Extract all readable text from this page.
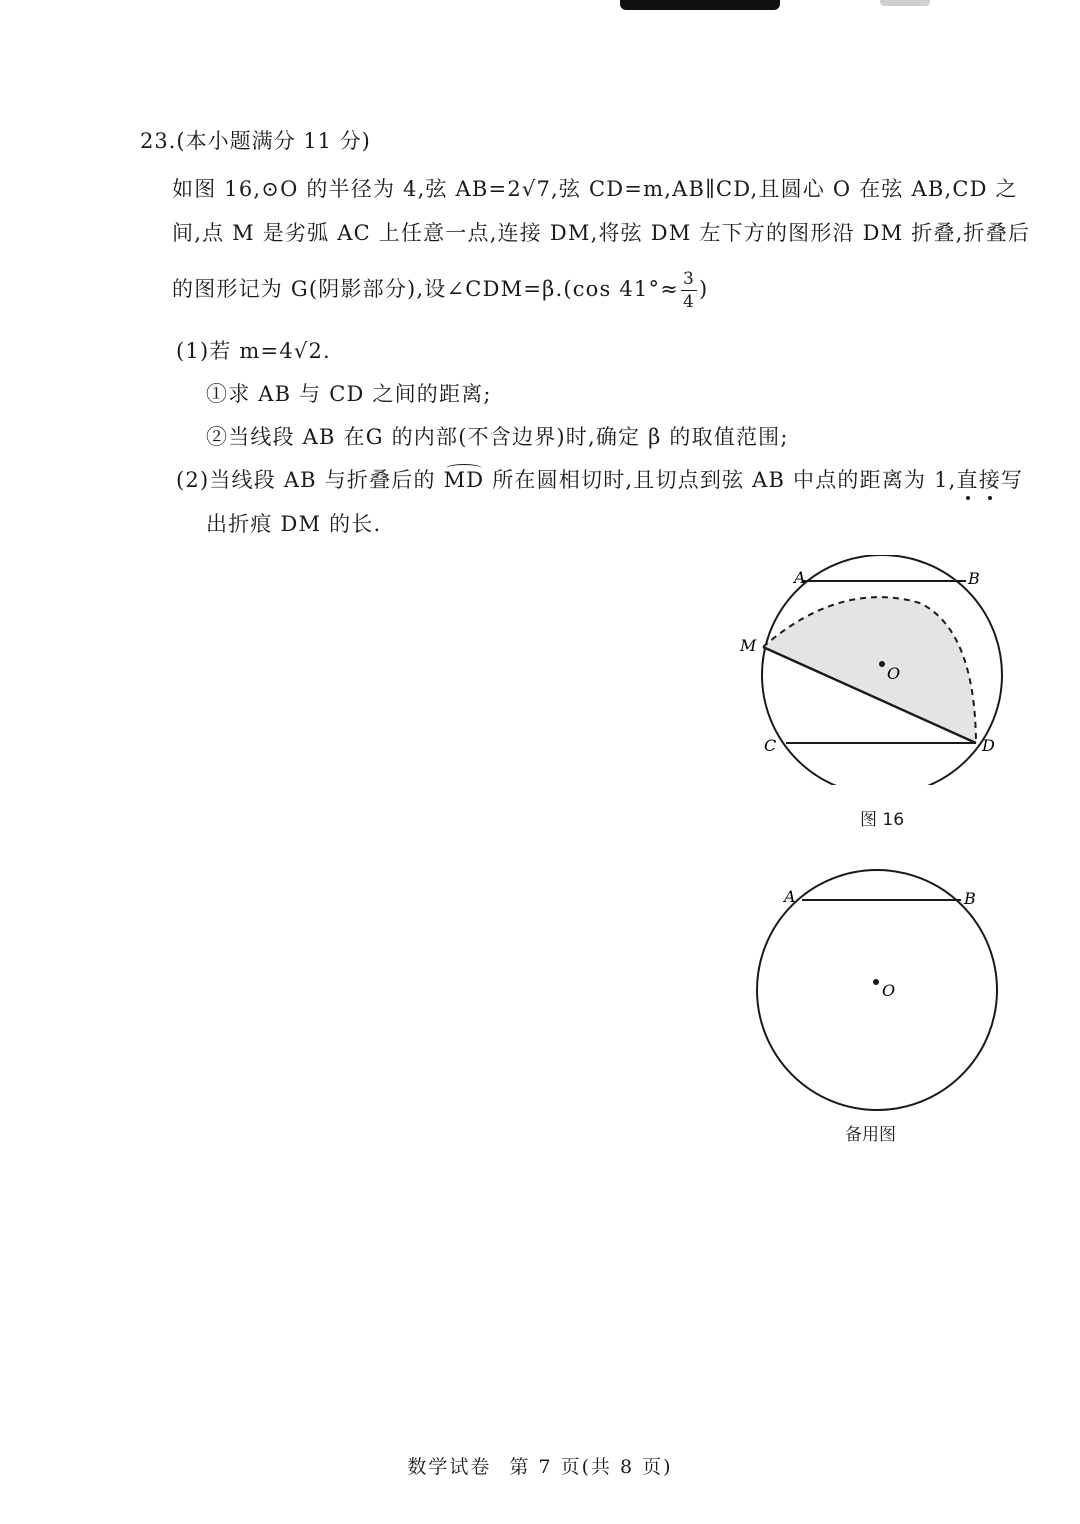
23.(本小题满分 11 分)
如图 16,⊙O 的半径为 4,弦 AB=2√7,弦 CD=m,AB∥CD,且圆心 O 在弦 AB,CD 之
间,点 M 是劣弧 AC 上任意一点,连接 DM,将弦 DM 左下方的图形沿 DM 折叠,折叠后
的图形记为 G(阴影部分),设∠CDM=β.(cos $41^\circ\approx \frac{3}{4}$ )
(1)若 m=4√2.
①求 AB 与 CD 之间的距离;
②当线段 AB 在G 的内部(不含边界)时,确定 β 的取值范围;
(2)当线段 AB 与折叠后的 MD 所在圆相切时,且切点到弦 AB 中点的距离为 1,直接写
出折痕 DM 的长.
A	B
C	D
M
O
图 16
A	B
O
备用图
数学试卷 第 7 页(共 8 页)
